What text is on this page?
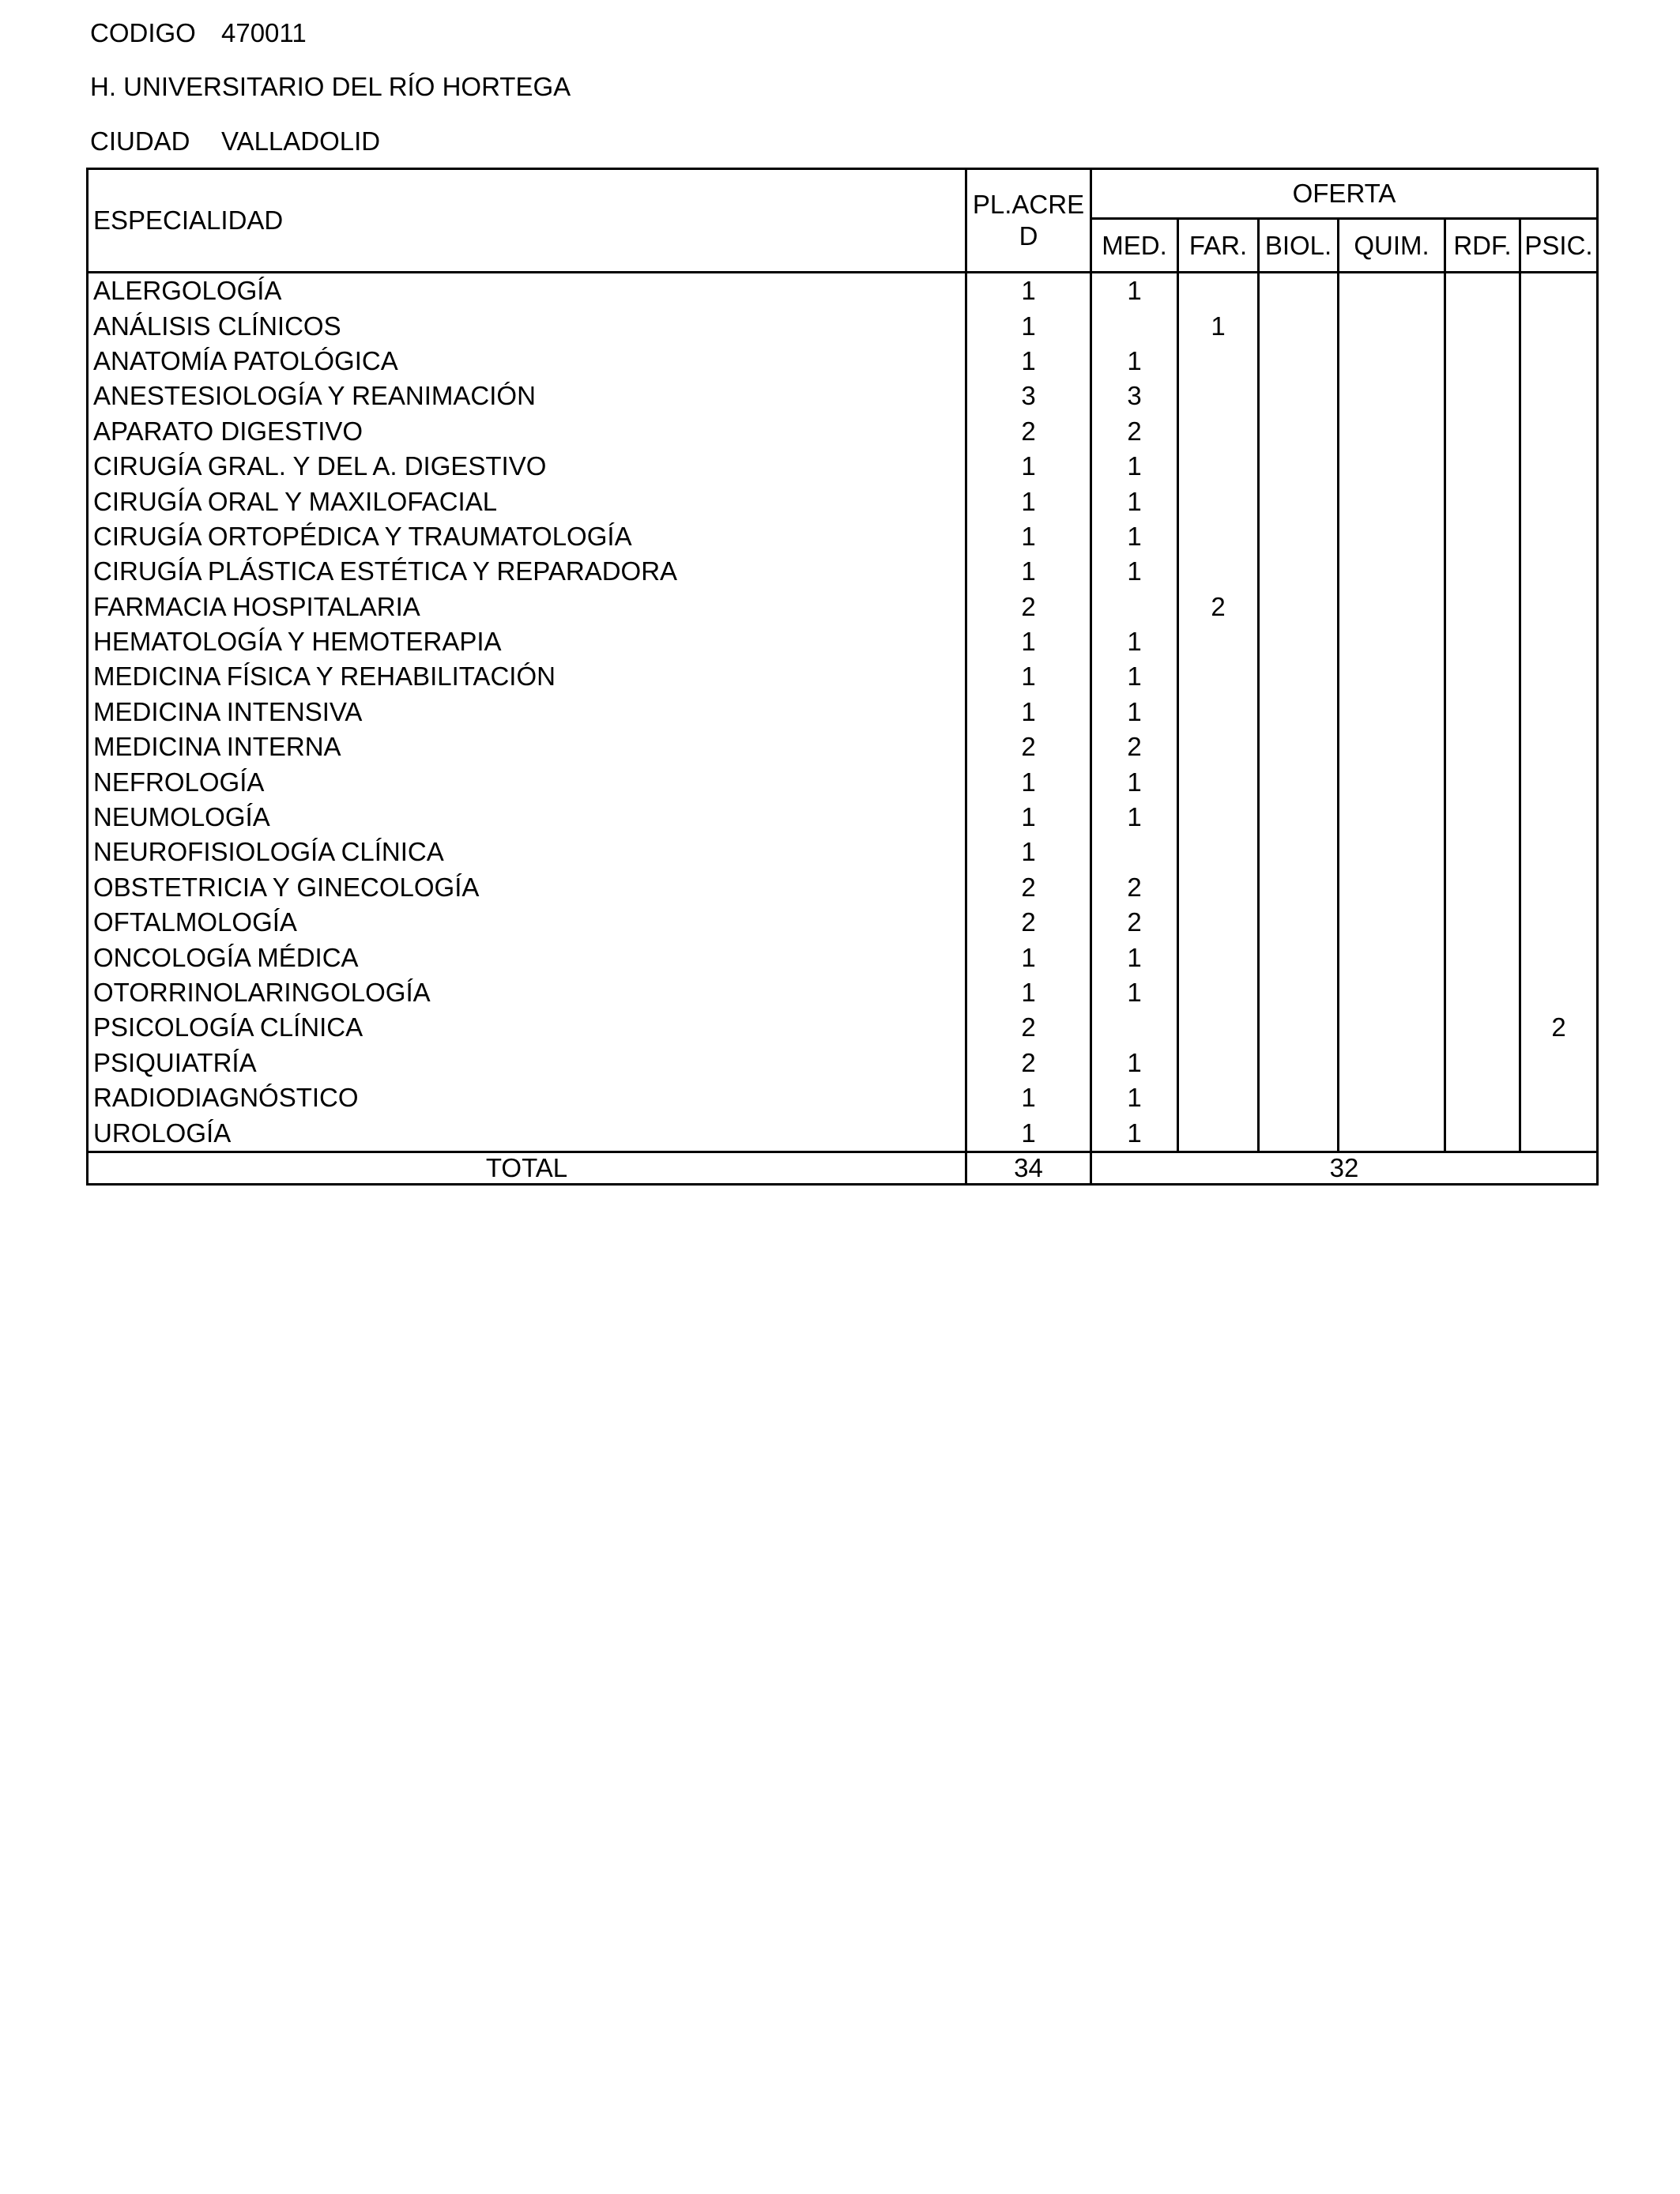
CODIGO 470011
H. UNIVERSITARIO DEL RÍO HORTEGA
CIUDAD VALLADOLID
ESPECIALIDAD	PL.ACRE
D	OFERTA					
		MED.	FAR.	BIOL.	QUIM.	RDF.	PSIC.
ALERGOLOGÍA	1	1					
ANÁLISIS CLÍNICOS	1		1				
ANATOMÍA PATOLÓGICA	1	1					
ANESTESIOLOGÍA Y REANIMACIÓN	3	3					
APARATO DIGESTIVO	2	2					
CIRUGÍA GRAL. Y DEL A. DIGESTIVO	1	1					
CIRUGÍA ORAL Y MAXILOFACIAL	1	1					
CIRUGÍA ORTOPÉDICA Y TRAUMATOLOGÍA	1	1					
CIRUGÍA PLÁSTICA ESTÉTICA Y REPARADORA	1	1					
FARMACIA HOSPITALARIA	2		2				
HEMATOLOGÍA Y HEMOTERAPIA	1	1					
MEDICINA FÍSICA Y REHABILITACIÓN	1	1					
MEDICINA INTENSIVA	1	1					
MEDICINA INTERNA	2	2					
NEFROLOGÍA	1	1					
NEUMOLOGÍA	1	1					
NEUROFISIOLOGÍA CLÍNICA	1						
OBSTETRICIA Y GINECOLOGÍA	2	2					
OFTALMOLOGÍA	2	2					
ONCOLOGÍA MÉDICA	1	1					
OTORRINOLARINGOLOGÍA	1	1					
PSICOLOGÍA CLÍNICA	2						2
PSIQUIATRÍA	2	1					
RADIODIAGNÓSTICO	1	1					
UROLOGÍA	1	1					
TOTAL	34	32					
